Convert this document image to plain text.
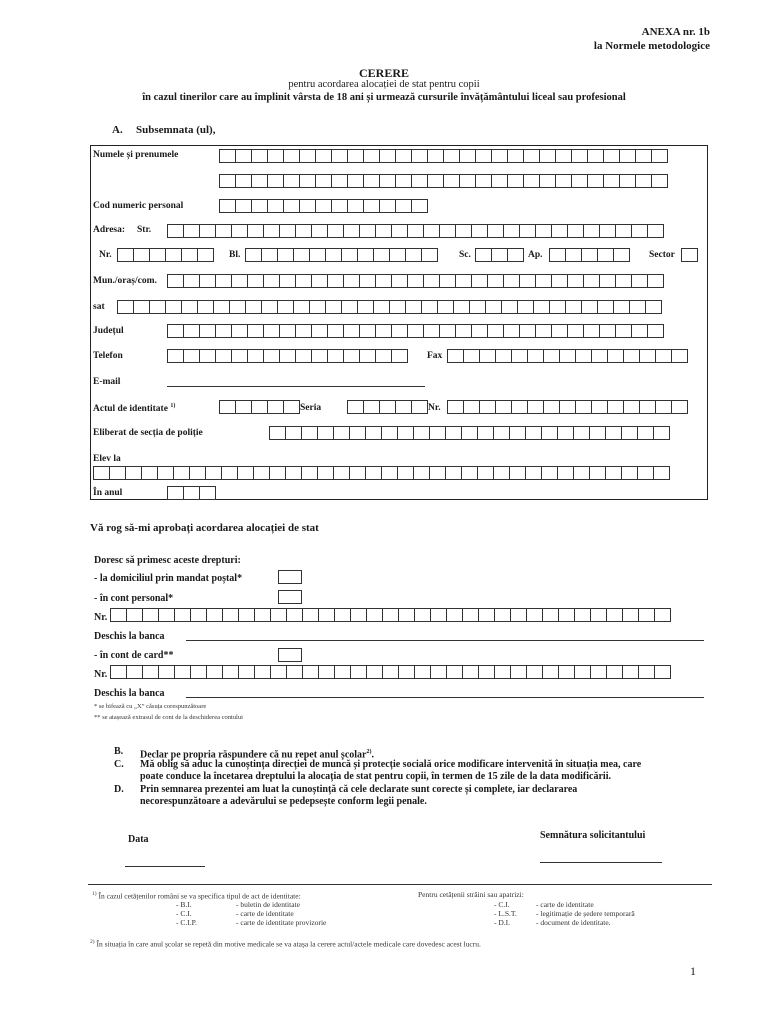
ANEXA nr. 1b
la Normele metodologice
CERERE
pentru acordarea alocației de stat pentru copii
în cazul tinerilor care au împlinit vârsta de 18 ani și urmează cursurile învățământului liceal sau profesional
A. Subsemnata (ul),
Numele și prenumele
Cod numeric personal
Adresa: Str.
Nr.	Bl.	Sc.	Ap.	Sector
Mun./oraș/com.
sat
Județul
Telefon	Fax
E-mail
Actul de identitate $^{1)}$	Seria	Nr.
Eliberat de secția de poliție
Elev la
În anul
Vă rog să-mi aprobați acordarea alocației de stat
Doresc să primesc aceste drepturi:
- la domiciliul prin mandat poștal*
- în cont personal*
Nr.
Deschis la banca
- în cont de card**
Nr.
Deschis la banca
* se bifează cu „X” căsuța corespunzătoare
** se atașează extrasul de cont de la deschiderea contului
B. Declar pe propria răspundere că nu repet anul școlar$^{2)}$.
C. Mă oblig să aduc la cunoștința direcției de muncă și protecție socială orice modificare intervenită în situația mea, care
poate conduce la încetarea dreptului la alocația de stat pentru copii, în termen de 15 zile de la data modificării.
D. Prin semnarea prezentei am luat la cunoștință că cele declarate sunt corecte și complete, iar declararea
necorespunzătoare a adevărului se pedepsește conform legii penale.
Data	Semnătura solicitantului
$^{1)}$ În cazul cetățenilor români se va specifica tipul de act de identitate:
- B.I.	- buletin de identitate
- C.I.	- carte de identitate
- C.I.P.	- carte de identitate provizorie
Pentru cetățenii străini sau apatrizi:
- C.I.	- carte de identitate
- L.S.T.	- legitimație de ședere temporară
- D.I.	- document de identitate.
$^{2)}$ În situația în care anul școlar se repetă din motive medicale se va atașa la cerere actul/actele medicale care dovedesc acest lucru.
1
